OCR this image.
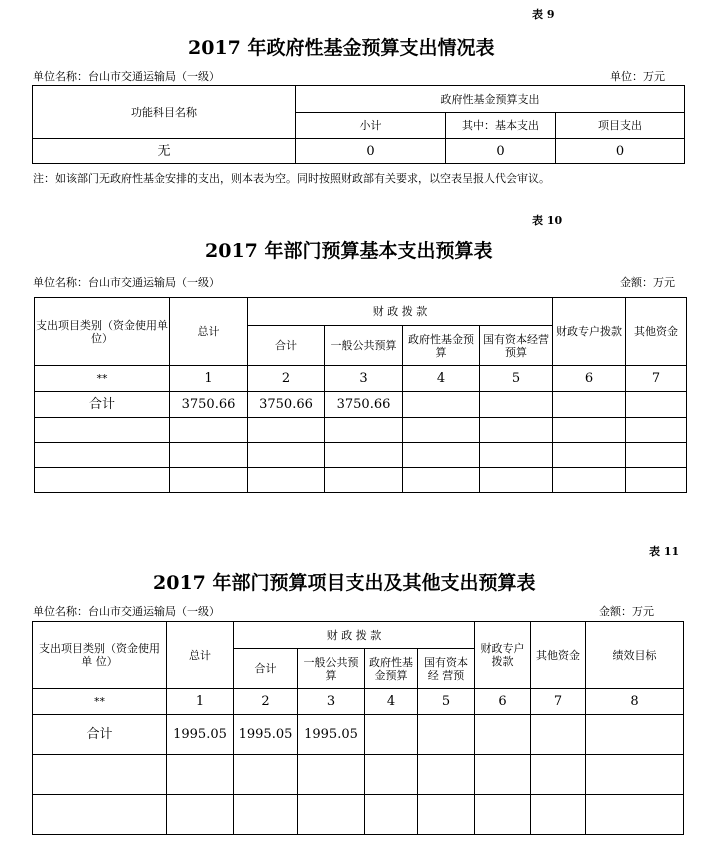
表 9
2017 年政府性基金预算支出情况表
单位名称：台山市交通运输局（一级）	单位：万元
功能科目名称	政府性基金预算支出		
	小计	其中：基本支出	项目支出
无	0	0	0
注：如该部门无政府性基金安排的支出，则本表为空。同时按照财政部有关要求，以空表呈报人代会审议。
表 10
2017 年部门预算基本支出预算表
单位名称：台山市交通运输局（一级）	金额：万元
支出项目类别（资金使用单位）	总计	财 政 拨 款				财政专户拨款	其他资金
		合计	一般公共预算	政府性基金预算	国有资本经营预算		
**	1	2	3	4	5	6	7
合计	3750.66	3750.66	3750.66				

表 11
2017 年部门预算项目支出及其他支出预算表
单位名称：台山市交通运输局（一级）	金额：万元
支出项目类别（资金使用单 位）	总计	财 政 拨 款				财政专户拨款	其他资金	绩效目标
		合计	一般公共预算	政府性基金预算	国有资本经 营预			
**	1	2	3	4	5	6	7	8
合计	1995.05	1995.05	1995.05					
